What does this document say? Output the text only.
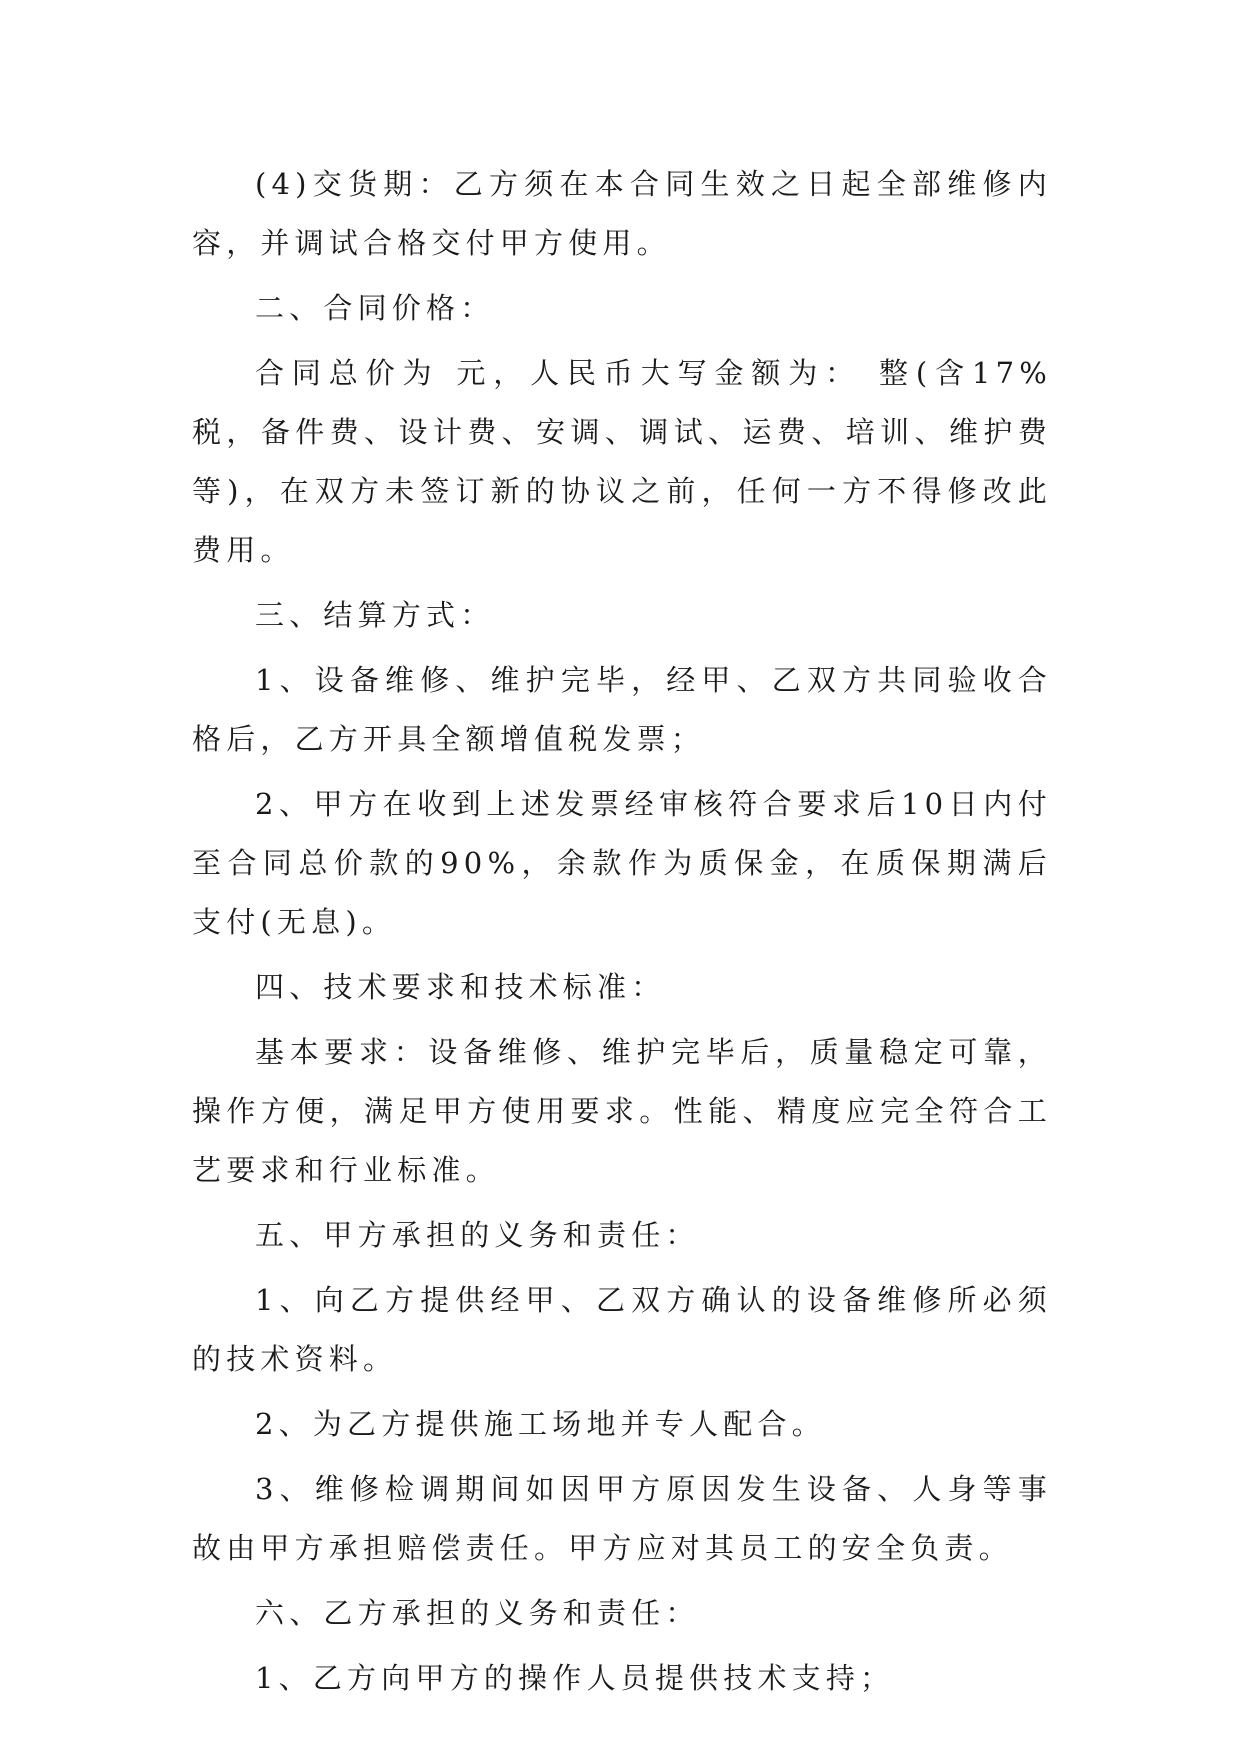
(4)交货期：乙方须在本合同生效之日起全部维修内容，并调试合格交付甲方使用。

二、合同价格：

合同总价为 元，人民币大写金额为： 整(含17%税，备件费、设计费、安调、调试、运费、培训、维护费等)，在双方未签订新的协议之前，任何一方不得修改此费用。

三、结算方式：

1、设备维修、维护完毕，经甲、乙双方共同验收合格后，乙方开具全额增值税发票；

2、甲方在收到上述发票经审核符合要求后10日内付至合同总价款的90%，余款作为质保金，在质保期满后支付(无息)。

四、技术要求和技术标准：

基本要求：设备维修、维护完毕后，质量稳定可靠，操作方便，满足甲方使用要求。性能、精度应完全符合工艺要求和行业标准。

五、甲方承担的义务和责任：

1、向乙方提供经甲、乙双方确认的设备维修所必须的技术资料。

2、为乙方提供施工场地并专人配合。

3、维修检调期间如因甲方原因发生设备、人身等事故由甲方承担赔偿责任。甲方应对其员工的安全负责。

六、乙方承担的义务和责任：

1、乙方向甲方的操作人员提供技术支持；
